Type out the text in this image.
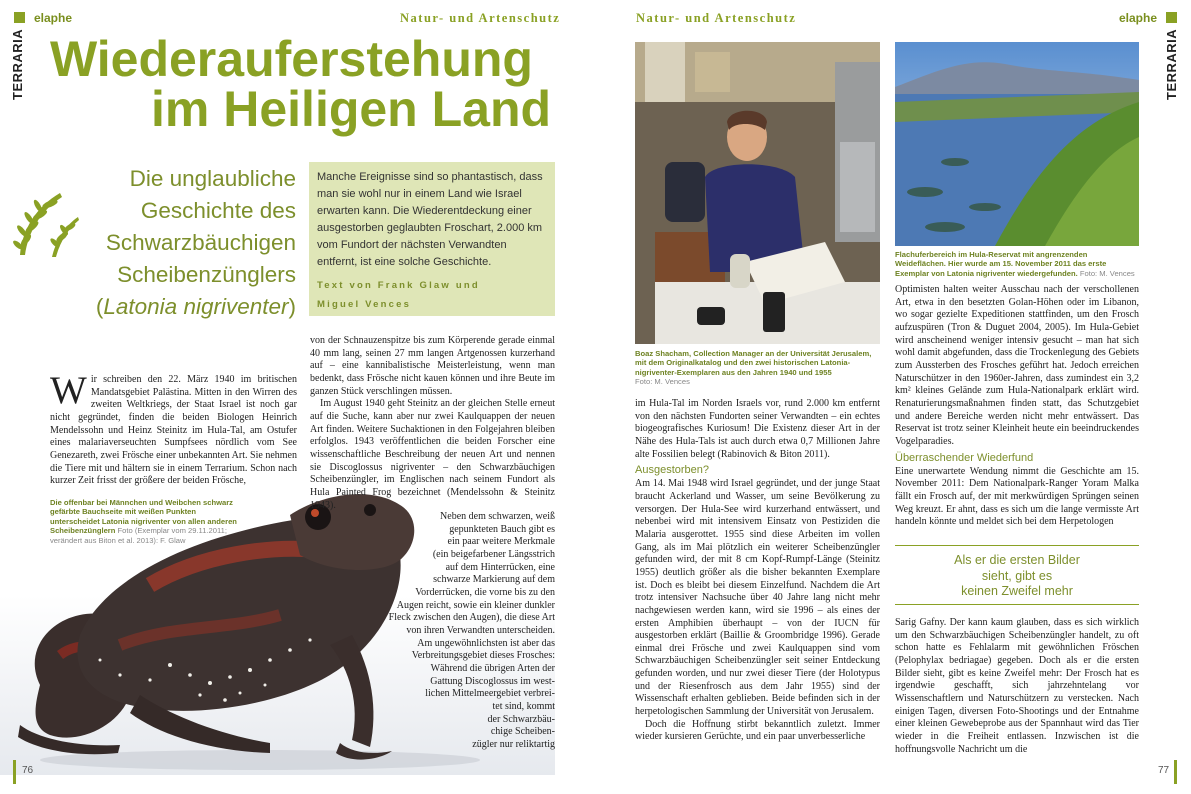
elaphe	Natur- und Artenschutz	Natur- und Artenschutz	elaphe
TERRARIA	TERRARIA
Wiederauferstehung
im Heiligen Land
Die unglaubliche
Geschichte des
Schwarzbäuchigen
Scheibenzünglers
(Latonia nigriventer)
Manche Ereignisse sind so phantastisch, dass man sie wohl nur in einem Land wie Israel erwarten kann. Die Wiederentdeckung einer ausgestorben geglaubten Froschart, 2.000 km vom Fundort der nächsten Verwandten entfernt, ist eine solche Geschichte.
Text von Frank Glaw und
Miguel Vences
Die offenbar bei Männchen und Weibchen schwarz gefärbte Bauchseite mit weißen Punkten unterscheidet Latonia nigriventer von allen anderen Scheibenzünglern Foto (Exemplar vom 29.11.2011; verändert aus Biton et al. 2013): F. Glaw
W ir schreiben den 22. März 1940 im britischen Mandatsgebiet Palästina. Mitten in den Wirren des zweiten Weltkriegs, der Staat Israel ist noch gar nicht gegründet, finden die beiden Biologen Heinrich Mendelssohn und Heinz Steinitz im Hula-Tal, am Ostufer eines malariaverseuchten Sumpfsees nördlich vom See Genezareth, zwei Frösche einer unbekannten Art. Sie nehmen die Tiere mit und hältern sie in einem Terrarium. Schon nach kurzer Zeit frisst der größere der beiden Frösche,

von der Schnauzenspitze bis zum Körperende gerade einmal 40 mm lang, seinen 27 mm langen Artgenossen kurzerhand auf – eine kannibalistische Meisterleistung, wenn man bedenkt, dass Frösche nicht kauen können und ihre Beute im ganzen Stück verschlingen müssen.

Im August 1940 geht Steinitz an der gleichen Stelle erneut auf die Suche, kann aber nur zwei Kaulquappen der neuen Art finden. Weitere Suchaktionen in den Folgejahren bleiben erfolglos. 1943 veröffentlichen die beiden Forscher eine wissenschaftliche Beschreibung der neuen Art und nennen sie Discoglossus nigriventer – den Schwarzbäuchigen Scheibenzüngler, im Englischen nach seinem Fundort als Hula Painted Frog bezeichnet (Mendelssohn & Steinitz 1943).

Neben dem schwarzen, weiß
gepunkteten Bauch gibt es
ein paar weitere Merkmale
(ein beigefarbener Längsstrich
auf dem Hinterrücken, eine
schwarze Markierung auf dem
Vorderrücken, die vorne bis zu den
Augen reicht, sowie ein kleiner dunkler
Fleck zwischen den Augen), die diese Art
von ihren Verwandten unterscheiden.
Am ungewöhnlichsten ist aber das
Verbreitungsgebiet dieses Frosches:
Während die übrigen Arten der
Gattung Discoglossus im west-
lichen Mittelmeergebiet verbrei-
tet sind, kommt
der Schwarzbäu-
chige Scheiben-
zügler nur reliktartig
Boaz Shacham, Collection Manager an der Universität Jerusalem, mit dem Originalkatalog und den zwei historischen Latonia-nigriventer-Exemplaren aus den Jahren 1940 und 1955
Foto: M. Vences

im Hula-Tal im Norden Israels vor, rund 2.000 km entfernt von den nächsten Fundorten seiner Verwandten – ein echtes biogeografisches Kuriosum! Die Existenz dieser Art in der Nähe des Hula-Tals ist auch durch etwa 0,7 Millionen Jahre alte Fossilien belegt (Rabinovich & Biton 2011).

Ausgestorben?

Am 14. Mai 1948 wird Israel gegründet, und der junge Staat braucht Ackerland und Wasser, um seine Bevölkerung zu versorgen. Der Hula-See wird kurzerhand entwässert, und nebenbei wird mit intensivem Einsatz von Pestiziden die Malaria ausgerottet. 1955 sind diese Arbeiten im vollen Gang, als im Mai plötzlich ein weiterer Scheibenzüngler gefunden wird, der mit 8 cm Kopf-Rumpf-Länge (Steinitz 1955) deutlich größer als die bisher bekannten Exemplare ist. Doch es bleibt bei diesem Einzelfund. Nachdem die Art trotz intensiver Nachsuche über 40 Jahre lang nicht mehr nachgewiesen werden kann, wird sie 1996 – als eines der ersten Amphibien überhaupt – von der IUCN für ausgestorben erklärt (Baillie & Groombridge 1996). Gerade einmal drei Frösche und zwei Kaulquappen sind vom Schwarzbäuchigen Scheibenzüngler seit seiner Entdeckung gefunden worden, und nur zwei dieser Tiere (der Holotypus und der Riesenfrosch aus dem Jahr 1955) sind der Wissenschaft erhalten geblieben. Beide befinden sich in der herpetologischen Sammlung der Universität von Jerusalem.

Doch die Hoffnung stirbt bekanntlich zuletzt. Immer wieder kursieren Gerüchte, und ein paar unverbesserliche

Flachuferbereich im Hula-Reservat mit angrenzenden Weideflächen. Hier wurde am 15. November 2011 das erste Exemplar von Latonia nigriventer wiedergefunden. Foto: M. Vences

Optimisten halten weiter Ausschau nach der verschollenen Art, etwa in den besetzten Golan-Höhen oder im Libanon, wo sogar gezielte Expeditionen stattfinden, um den Frosch aufzuspüren (Tron & Duguet 2004, 2005). Im Hula-Gebiet wird anscheinend weniger intensiv gesucht – man hat sich wohl damit abgefunden, dass die Trockenlegung des Gebiets zum Aussterben des Frosches geführt hat. Jedoch erreichen Naturschützer in den 1960er-Jahren, dass zumindest ein 3,2 km² kleines Gelände zum Hula-Nationalpark erklärt wird. Renaturierungsmaßnahmen finden statt, das Schutzgebiet und andere Bereiche werden nicht mehr entwässert. Das Reservat ist trotz seiner Kleinheit heute ein beeindruckendes Vogelparadies.

Überraschender Wiederfund

Eine unerwartete Wendung nimmt die Geschichte am 15. November 2011: Dem Nationalpark-Ranger Yoram Malka fällt ein Frosch auf, der mit merkwürdigen Sprüngen seinen Weg kreuzt. Er ahnt, dass es sich um die lange vermisste Art handeln könnte und meldet sich bei dem Herpetologen

Als er die ersten Bilder
sieht, gibt es
keinen Zweifel mehr

Sarig Gafny. Der kann kaum glauben, dass es sich wirklich um den Schwarzbäuchigen Scheibenzüngler handelt, zu oft schon hatte es Fehlalarm mit gewöhnlichen Fröschen (Pelophylax bedriagae) gegeben. Doch als er die ersten Bilder sieht, gibt es keine Zweifel mehr: Der Frosch hat es irgendwie geschafft, sich jahrzehntelang vor Wissenschaftlern und Naturschützern zu verstecken. Nach einigen Tagen, diversen Foto-Shootings und der Entnahme einer kleinen Gewebeprobe aus der Spannhaut wird das Tier wieder in die Freiheit entlassen. Inzwischen ist die hoffnungsvolle Nachricht um die

76	77
